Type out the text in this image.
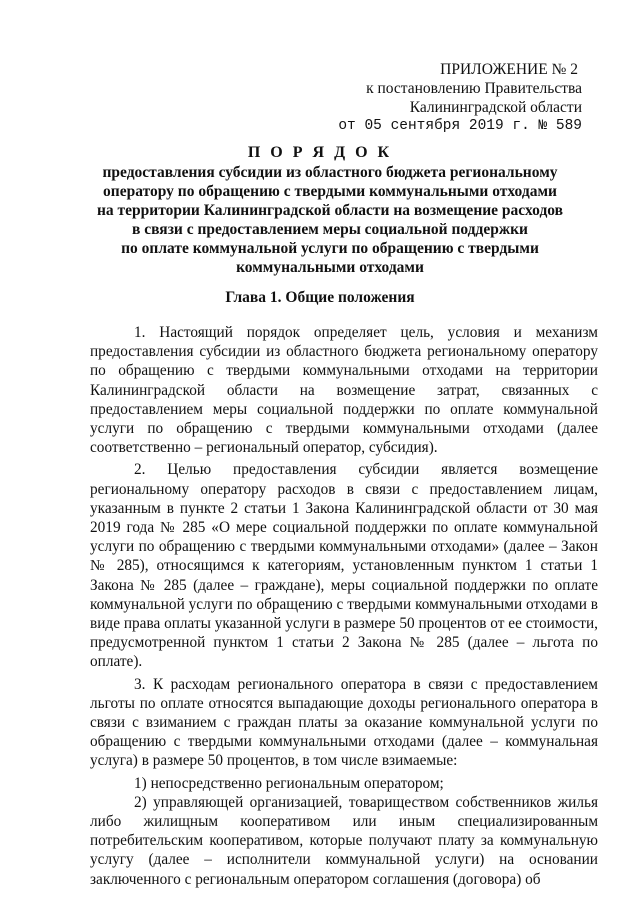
ПРИЛОЖЕНИЕ № 2
к постановлению Правительства
Калининградской области
от 05 сентября 2019 г. № 589
П О Р Я Д О К
предоставления субсидии из областного бюджета региональному
оператору по обращению с твердыми коммунальными отходами
на территории Калининградской области на возмещение расходов
в связи с предоставлением меры социальной поддержки
по оплате коммунальной услуги по обращению с твердыми
коммунальными отходами
Глава 1. Общие положения

1. Настоящий порядок определяет цель, условия и механизм предоставления субсидии из областного бюджета региональному оператору по обращению с твердыми коммунальными отходами на территории Калининградской области на возмещение затрат, связанных с предоставлением меры социальной поддержки по оплате коммунальной услуги по обращению с твердыми коммунальными отходами (далее соответственно – региональный оператор, субсидия).

2. Целью предоставления субсидии является возмещение региональному оператору расходов в связи с предоставлением лицам, указанным в пункте 2 статьи 1 Закона Калининградской области от 30 мая 2019 года № 285 «О мере социальной поддержки по оплате коммунальной услуги по обращению с твердыми коммунальными отходами» (далее – Закон № 285), относящимся к категориям, установленным пунктом 1 статьи 1 Закона № 285 (далее – граждане), меры социальной поддержки по оплате коммунальной услуги по обращению с твердыми коммунальными отходами в виде права оплаты указанной услуги в размере 50 процентов от ее стоимости, предусмотренной пунктом 1 статьи 2 Закона № 285 (далее – льгота по оплате).

3. К расходам регионального оператора в связи с предоставлением льготы по оплате относятся выпадающие доходы регионального оператора в связи с взиманием с граждан платы за оказание коммунальной услуги по обращению с твердыми коммунальными отходами (далее – коммунальная услуга) в размере 50 процентов, в том числе взимаемые:

1) непосредственно региональным оператором;

2) управляющей организацией, товариществом собственников жилья либо жилищным кооперативом или иным специализированным потребительским кооперативом, которые получают плату за коммунальную услугу (далее – исполнители коммунальной услуги) на основании заключенного с региональным оператором соглашения (договора) об
